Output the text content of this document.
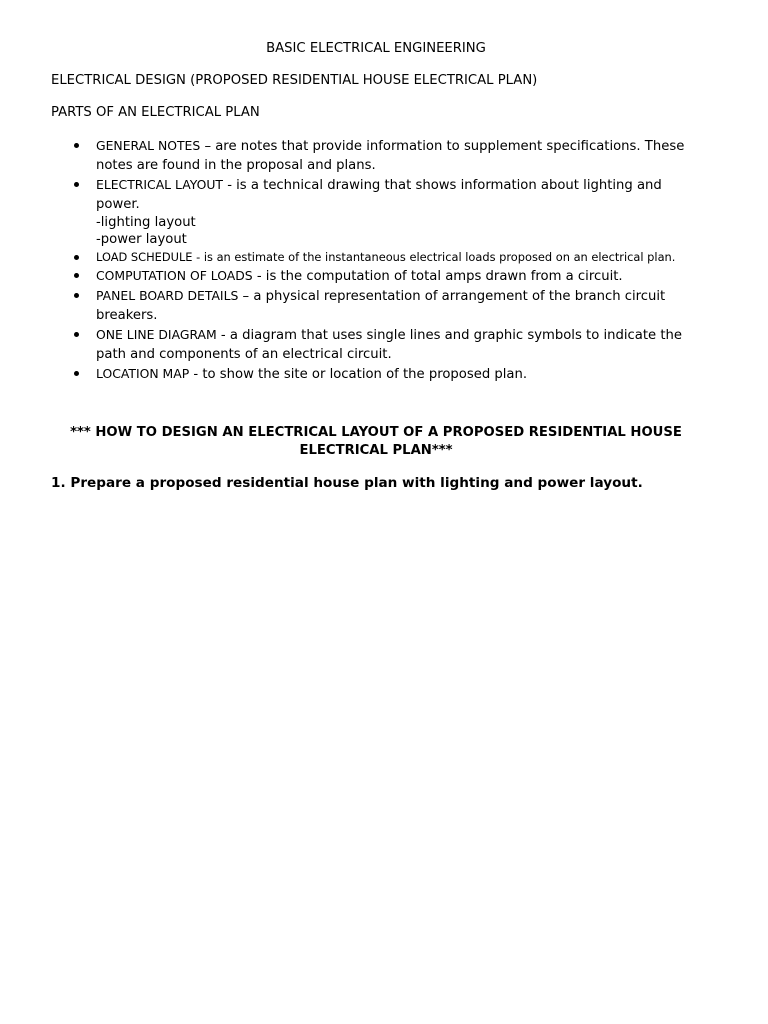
BASIC ELECTRICAL ENGINEERING
ELECTRICAL DESIGN (PROPOSED RESIDENTIAL HOUSE ELECTRICAL PLAN)
PARTS OF AN ELECTRICAL PLAN
GENERAL NOTES – are notes that provide information to supplement specifications. These notes are found in the proposal and plans.
ELECTRICAL LAYOUT - is a technical drawing that shows information about lighting and power.
-lighting layout
-power layout
LOAD SCHEDULE - is an estimate of the instantaneous electrical loads proposed on an electrical plan.
COMPUTATION OF LOADS - is the computation of total amps drawn from a circuit.
PANEL BOARD DETAILS – a physical representation of arrangement of the branch circuit breakers.
ONE LINE DIAGRAM - a diagram that uses single lines and graphic symbols to indicate the path and components of an electrical circuit.
LOCATION MAP - to show the site or location of the proposed plan.
*** HOW TO DESIGN AN ELECTRICAL LAYOUT OF A PROPOSED RESIDENTIAL HOUSE ELECTRICAL PLAN***
1. Prepare a proposed residential house plan with lighting and power layout.
